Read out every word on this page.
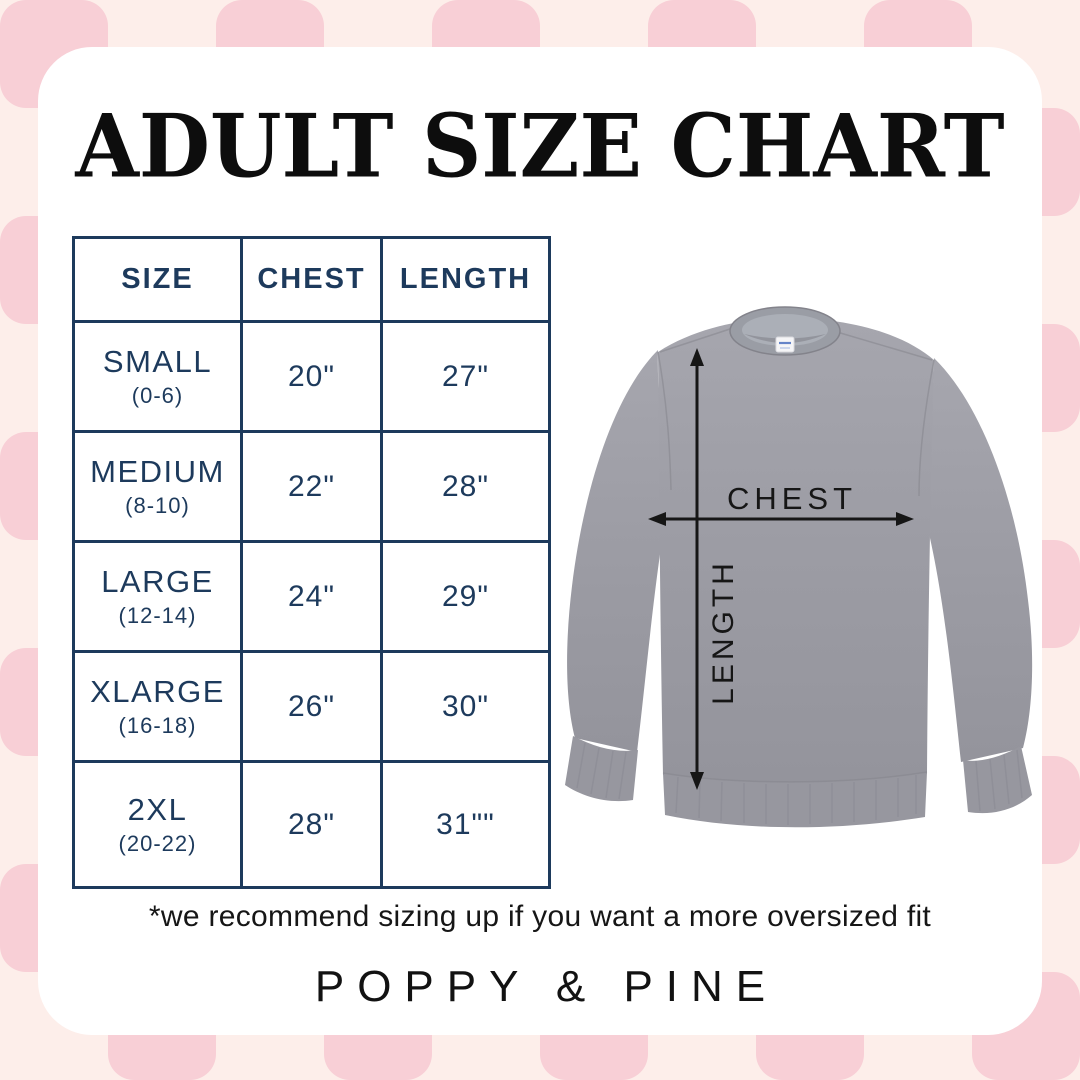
ADULT SIZE CHART
SIZE	CHEST	LENGTH

SMALL
(0-6)	20"	27"

MEDIUM
(8-10)	22"	28"

LARGE
(12-14)	24"	29"

XLARGE
(16-18)	26"	30"

2XL
(20-22)	28"	31""
CHEST
LENGTH

*we recommend sizing up if you want a more oversized fit

POPPY & PINE
